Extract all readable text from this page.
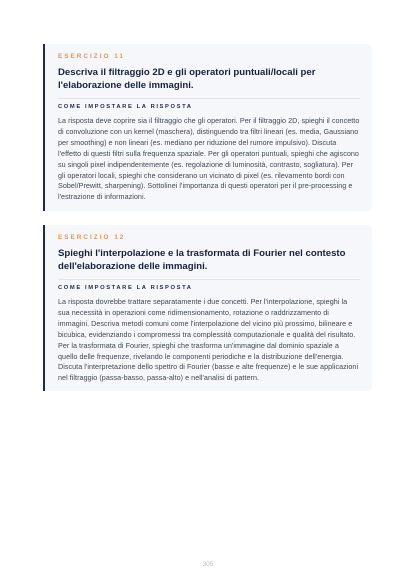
ESERCIZIO 11

Descriva il filtraggio 2D e gli operatori puntuali/locali per l'elaborazione delle immagini.

COME IMPOSTARE LA RISPOSTA

La risposta deve coprire sia il filtraggio che gli operatori. Per il filtraggio 2D, spieghi il concetto di convoluzione con un kernel (maschera), distinguendo tra filtri lineari (es. media, Gaussiano per smoothing) e non lineari (es. mediano per riduzione del rumore impulsivo). Discuta l'effetto di questi filtri sulla frequenza spaziale. Per gli operatori puntuali, spieghi che agiscono su singoli pixel indipendentemente (es. regolazione di luminosità, contrasto, sogliatura). Per gli operatori locali, spieghi che considerano un vicinato di pixel (es. rilevamento bordi con Sobel/Prewitt, sharpening). Sottolinei l'importanza di questi operatori per il pre-processing e l'estrazione di informazioni.

ESERCIZIO 12

Spieghi l'interpolazione e la trasformata di Fourier nel contesto dell'elaborazione delle immagini.

COME IMPOSTARE LA RISPOSTA

La risposta dovrebbe trattare separatamente i due concetti. Per l'interpolazione, spieghi la sua necessità in operazioni come ridimensionamento, rotazione o raddrizzamento di immagini. Descriva metodi comuni come l'interpolazione del vicino più prossimo, bilineare e bicubica, evidenziando i compromessi tra complessità computazionale e qualità del risultato. Per la trasformata di Fourier, spieghi che trasforma un'immagine dal dominio spaziale a quello delle frequenze, rivelando le componenti periodiche e la distribuzione dell'energia. Discuta l'interpretazione dello spettro di Fourier (basse e alte frequenze) e le sue applicazioni nel filtraggio (passa-basso, passa-alto) e nell'analisi di pattern.

305
